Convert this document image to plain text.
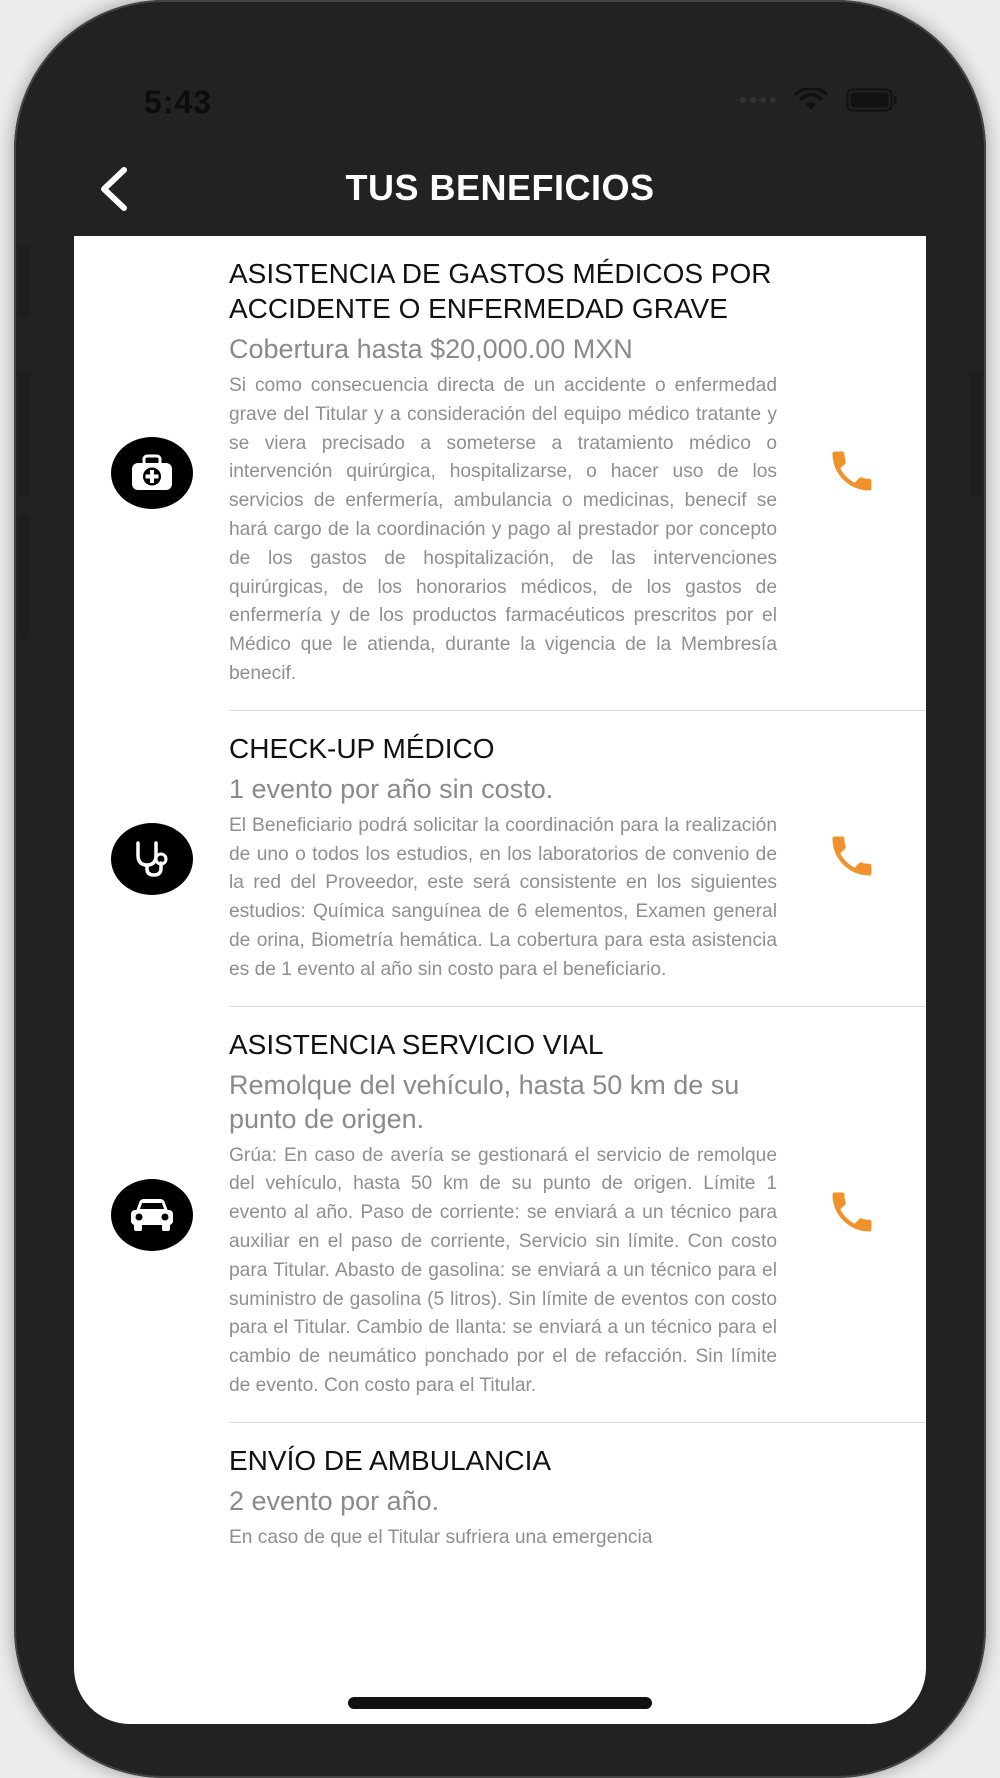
5:43
TUS BENEFICIOS
ASISTENCIA DE GASTOS MÉDICOS POR ACCIDENTE O ENFERMEDAD GRAVE
Cobertura hasta $20,000.00 MXN
Si como consecuencia directa de un accidente o enfermedad grave del Titular y a consideración del equipo médico tratante y se viera precisado a someterse a tratamiento médico o intervención quirúrgica, hospitalizarse, o hacer uso de los servicios de enfermería, ambulancia o medicinas, benecif se hará cargo de la coordinación y pago al prestador por concepto de los gastos de hospitalización, de las intervenciones quirúrgicas, de los honorarios médicos, de los gastos de enfermería y de los productos farmacéuticos prescritos por el Médico que le atienda, durante la vigencia de la Membresía benecif.
CHECK-UP MÉDICO
1 evento por año sin costo.
El Beneficiario podrá solicitar la coordinación para la realización de uno o todos los estudios, en los laboratorios de convenio de la red del Proveedor, este será consistente en los siguientes estudios: Química sanguínea de 6 elementos, Examen general de orina, Biometría hemática. La cobertura para esta asistencia es de 1 evento al año sin costo para el beneficiario.
ASISTENCIA SERVICIO VIAL
Remolque del vehículo, hasta 50 km de su punto de origen.
Grúa: En caso de avería se gestionará el servicio de remolque del vehículo, hasta 50 km de su punto de origen. Límite 1 evento al año. Paso de corriente: se enviará a un técnico para auxiliar en el paso de corriente, Servicio sin límite. Con costo para Titular. Abasto de gasolina: se enviará a un técnico para el suministro de gasolina (5 litros). Sin límite de eventos con costo para el Titular. Cambio de llanta: se enviará a un técnico para el cambio de neumático ponchado por el de refacción. Sin límite de evento. Con costo para el Titular.
ENVÍO DE AMBULANCIA
2 evento por año.
En caso de que el Titular sufriera una emergencia
